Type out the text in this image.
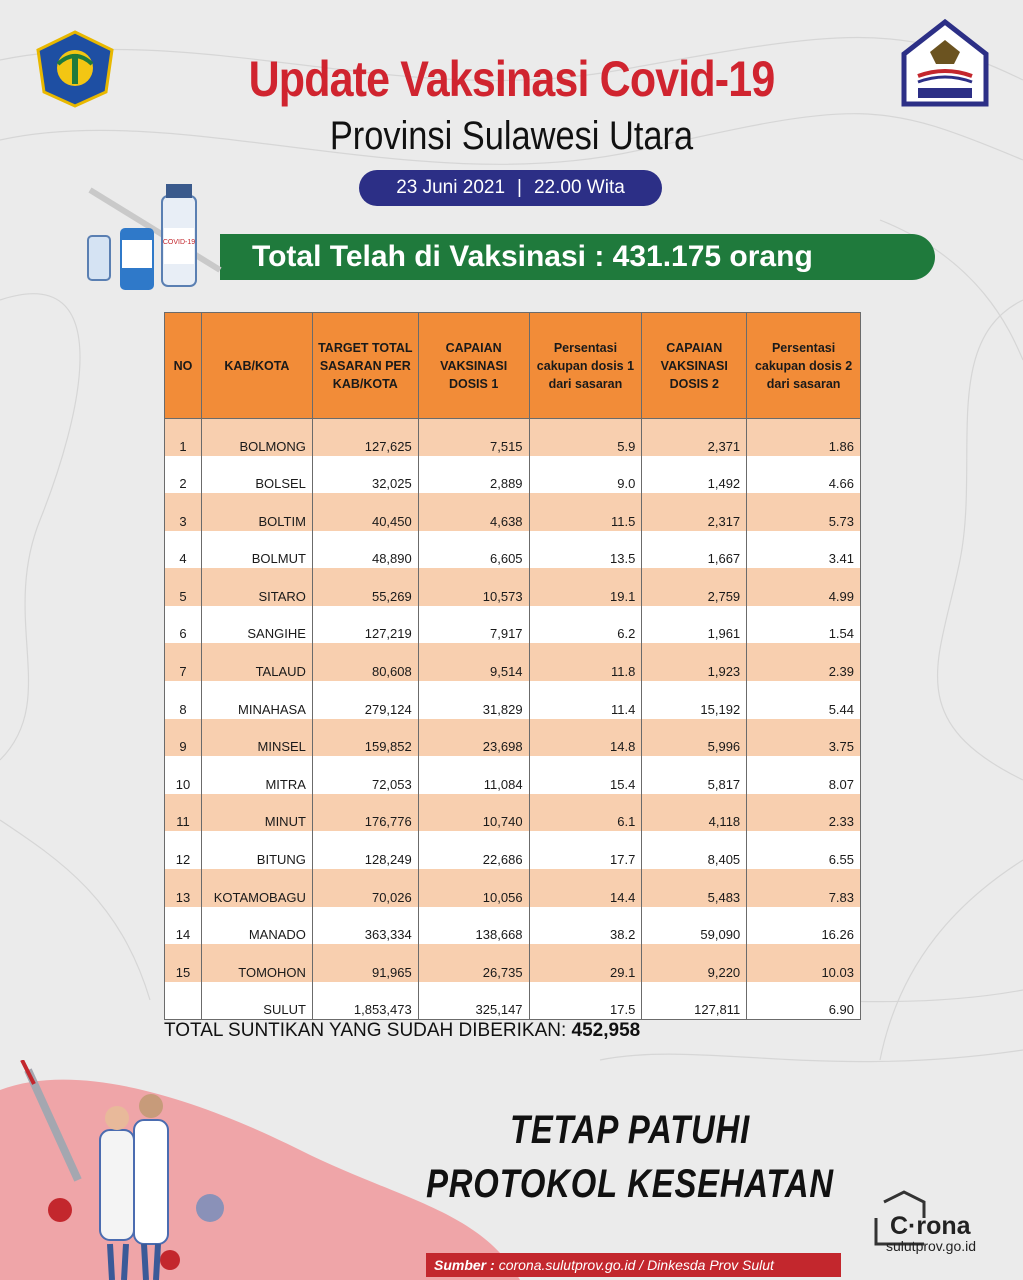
Update Vaksinasi Covid-19
Provinsi Sulawesi Utara
23 Juni 2021 | 22.00 Wita
Total Telah di Vaksinasi : 431.175 orang
COVID-19
NO	KAB/KOTA	TARGET TOTAL SASARAN PER KAB/KOTA	CAPAIAN VAKSINASI DOSIS 1	Persentasi cakupan dosis 1 dari sasaran	CAPAIAN VAKSINASI DOSIS 2	Persentasi cakupan dosis 2 dari sasaran
1	BOLMONG	127,625	7,515	5.9	2,371	1.86
2	BOLSEL	32,025	2,889	9.0	1,492	4.66
3	BOLTIM	40,450	4,638	11.5	2,317	5.73
4	BOLMUT	48,890	6,605	13.5	1,667	3.41
5	SITARO	55,269	10,573	19.1	2,759	4.99
6	SANGIHE	127,219	7,917	6.2	1,961	1.54
7	TALAUD	80,608	9,514	11.8	1,923	2.39
8	MINAHASA	279,124	31,829	11.4	15,192	5.44
9	MINSEL	159,852	23,698	14.8	5,996	3.75
10	MITRA	72,053	11,084	15.4	5,817	8.07
11	MINUT	176,776	10,740	6.1	4,118	2.33
12	BITUNG	128,249	22,686	17.7	8,405	6.55
13	KOTAMOBAGU	70,026	10,056	14.4	5,483	7.83
14	MANADO	363,334	138,668	38.2	59,090	16.26
15	TOMOHON	91,965	26,735	29.1	9,220	10.03
	SULUT	1,853,473	325,147	17.5	127,811	6.90
TOTAL SUNTIKAN YANG SUDAH DIBERIKAN: 452,958
TETAP PATUHI
PROTOKOL KESEHATAN
C·rona
sulutprov.go.id
Sumber : corona.sulutprov.go.id / Dinkesda Prov Sulut
